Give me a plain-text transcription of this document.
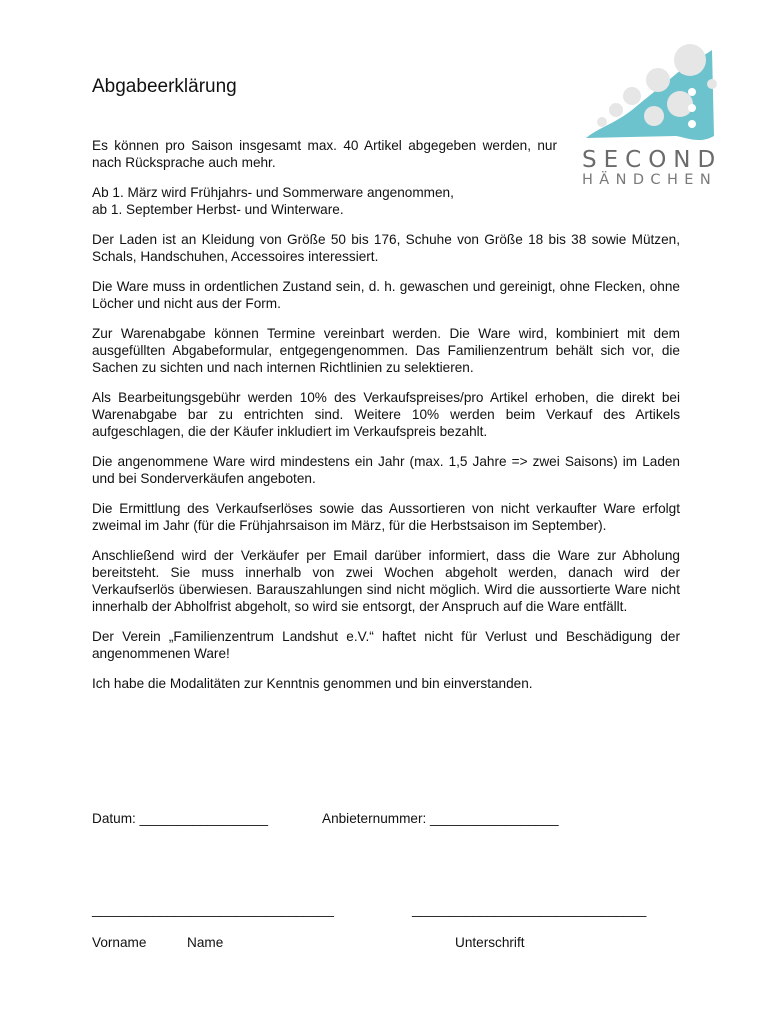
Abgabeerklärung
SECOND
HÄNDCHEN

Es können pro Saison insgesamt max. 40 Artikel abgegeben werden, nur nach Rücksprache auch mehr.

Ab 1. März wird Frühjahrs- und Sommerware angenommen,
ab 1. September Herbst- und Winterware.

Der Laden ist an Kleidung von Größe 50 bis 176, Schuhe von Größe 18 bis 38 sowie Mützen, Schals, Handschuhen, Accessoires interessiert.

Die Ware muss in ordentlichen Zustand sein, d. h. gewaschen und gereinigt, ohne Flecken, ohne Löcher und nicht aus der Form.

Zur Warenabgabe können Termine vereinbart werden. Die Ware wird, kombiniert mit dem ausgefüllten Abgabeformular, entgegengenommen. Das Familienzentrum behält sich vor, die Sachen zu sichten und nach internen Richtlinien zu selektieren.

Als Bearbeitungsgebühr werden 10% des Verkaufspreises/pro Artikel erhoben, die direkt bei Warenabgabe bar zu entrichten sind. Weitere 10% werden beim Verkauf des Artikels aufgeschlagen, die der Käufer inkludiert im Verkaufspreis bezahlt.

Die angenommene Ware wird mindestens ein Jahr (max. 1,5 Jahre => zwei Saisons) im Laden und bei Sonderverkäufen angeboten.

Die Ermittlung des Verkaufserlöses sowie das Aussortieren von nicht verkaufter Ware erfolgt zweimal im Jahr (für die Frühjahrsaison im März, für die Herbstsaison im September).

Anschließend wird der Verkäufer per Email darüber informiert, dass die Ware zur Abholung bereitsteht. Sie muss innerhalb von zwei Wochen abgeholt werden, danach wird der Verkaufserlös überwiesen. Barauszahlungen sind nicht möglich. Wird die aussortierte Ware nicht innerhalb der Abholfrist abgeholt, so wird sie entsorgt, der Anspruch auf die Ware entfällt.

Der Verein „Familienzentrum Landshut e.V.“ haftet nicht für Verlust und Beschädigung der angenommenen Ware!

Ich habe die Modalitäten zur Kenntnis genommen und bin einverstanden.

Datum: _________________	Anbieternummer: _________________
________________________________	_______________________________
Vorname	Name	Unterschrift
